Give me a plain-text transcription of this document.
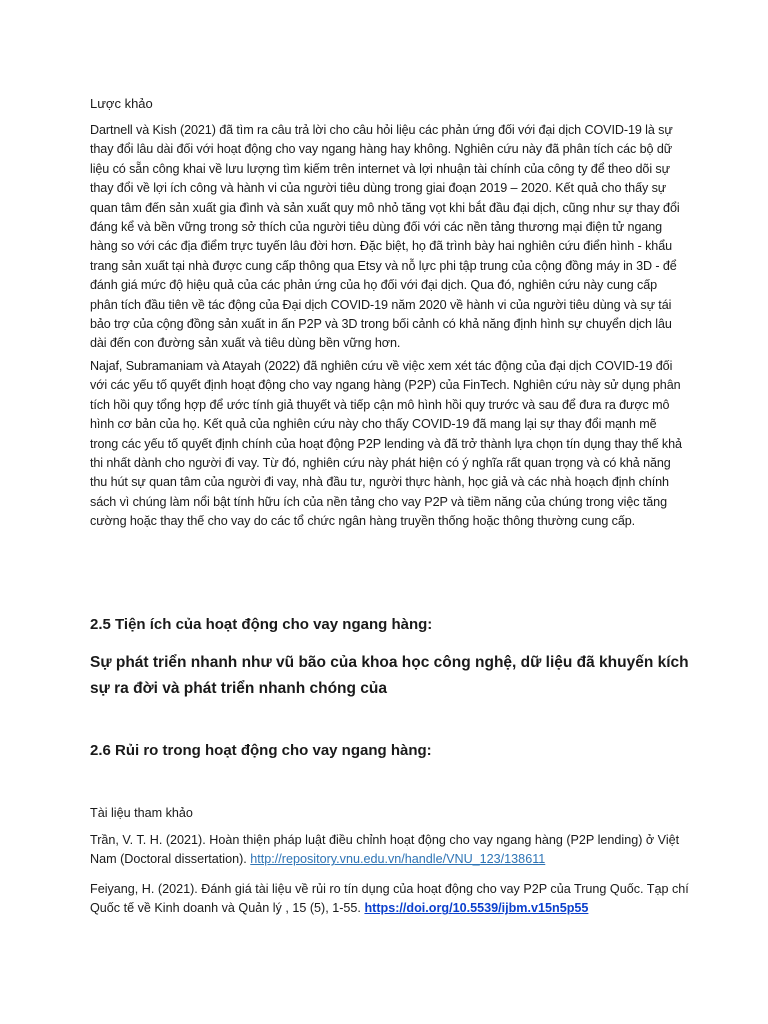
Lược khảo

Dartnell và Kish (2021) đã tìm ra câu trả lời cho câu hỏi liệu các phản ứng đối với đại dịch COVID-19 là sự thay đổi lâu dài đối với hoạt động cho vay ngang hàng hay không. Nghiên cứu này đã phân tích các bộ dữ liệu có sẵn công khai về lưu lượng tìm kiếm trên internet và lợi nhuận tài chính của công ty để theo dõi sự thay đổi về lợi ích công và hành vi của người tiêu dùng trong giai đoạn 2019 – 2020. Kết quả cho thấy sự quan tâm đến sản xuất gia đình và sản xuất quy mô nhỏ tăng vọt khi bắt đầu đại dịch, cũng như sự thay đổi đáng kể và bền vững trong sở thích của người tiêu dùng đối với các nền tảng thương mại điện tử ngang hàng so với các địa điểm trực tuyến lâu đời hơn. Đặc biệt, họ đã trình bày hai nghiên cứu điển hình - khẩu trang sản xuất tại nhà được cung cấp thông qua Etsy và nỗ lực phi tập trung của cộng đồng máy in 3D - để đánh giá mức độ hiệu quả của các phản ứng của họ đối với đại dịch. Qua đó, nghiên cứu này cung cấp phân tích đầu tiên về tác động của Đại dịch COVID-19 năm 2020 về hành vi của người tiêu dùng và sự tái bảo trợ của cộng đồng sản xuất in ấn P2P và 3D trong bối cảnh có khả năng định hình sự chuyển dịch lâu dài đến con đường sản xuất và tiêu dùng bền vững hơn.

Najaf, Subramaniam và Atayah (2022) đã nghiên cứu về việc xem xét tác động của đại dịch COVID-19 đối với các yếu tố quyết định hoạt động cho vay ngang hàng (P2P) của FinTech. Nghiên cứu này sử dụng phân tích hồi quy tổng hợp để ước tính giả thuyết và tiếp cận mô hình hồi quy trước và sau để đưa ra được mô hình cơ bản của họ. Kết quả của nghiên cứu này cho thấy COVID-19 đã mang lại sự thay đổi mạnh mẽ trong các yếu tố quyết định chính của hoạt động P2P lending và đã trở thành lựa chọn tín dụng thay thế khả thi nhất dành cho người đi vay. Từ đó, nghiên cứu này phát hiện có ý nghĩa rất quan trọng và có khả năng thu hút sự quan tâm của người đi vay, nhà đầu tư, người thực hành, học giả và các nhà hoạch định chính sách vì chúng làm nổi bật tính hữu ích của nền tảng cho vay P2P và tiềm năng của chúng trong việc tăng cường hoặc thay thế cho vay do các tổ chức ngân hàng truyền thống hoặc thông thường cung cấp.

2.5 Tiện ích của hoạt động cho vay ngang hàng:

Sự phát triển nhanh như vũ bão của khoa học công nghệ, dữ liệu đã khuyến kích sự ra đời và phát triển nhanh chóng của

2.6 Rủi ro trong hoạt động cho vay ngang hàng:

Tài liệu tham khảo

Trần, V. T. H. (2021). Hoàn thiện pháp luật điều chỉnh hoạt động cho vay ngang hàng (P2P lending) ở Việt Nam (Doctoral dissertation). http://repository.vnu.edu.vn/handle/VNU_123/138611

Feiyang, H. (2021). Đánh giá tài liệu về rủi ro tín dụng của hoạt động cho vay P2P của Trung Quốc. Tạp chí Quốc tế về Kinh doanh và Quản lý , 15 (5), 1-55. https://doi.org/10.5539/ijbm.v15n5p55
